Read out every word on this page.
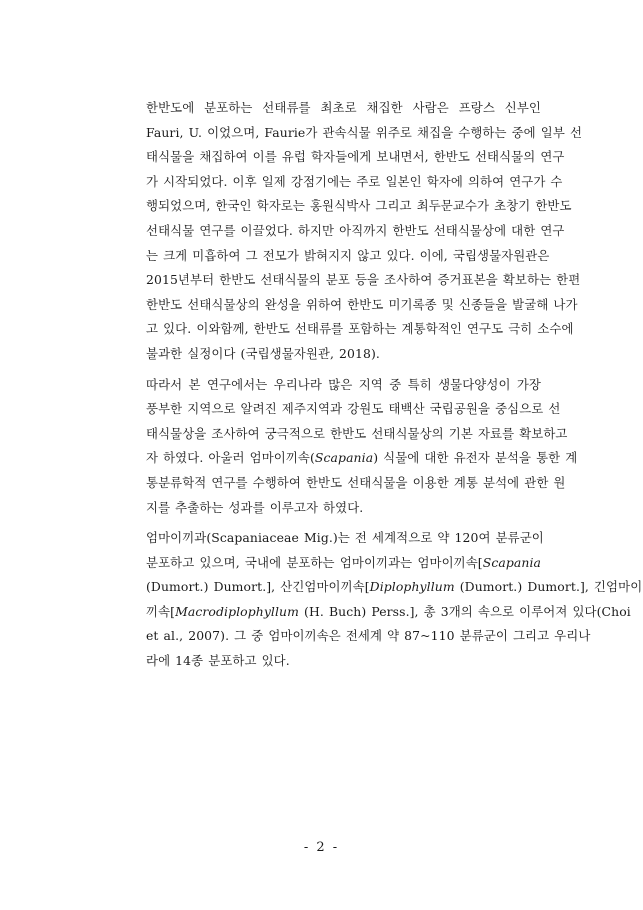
한반도에 분포하는 선태류를 최초로 채집한 사람은 프랑스 신부인
Fauri, U. 이었으며, Faurie가 관속식물 위주로 채집을 수행하는 중에 일부 선
태식물을 채집하여 이를 유럽 학자들에게 보내면서, 한반도 선태식물의 연구
가 시작되었다. 이후 일제 강점기에는 주로 일본인 학자에 의하여 연구가 수
행되었으며, 한국인 학자로는 홍원식박사 그리고 최두문교수가 초창기 한반도
선태식물 연구를 이끌었다. 하지만 아직까지 한반도 선태식물상에 대한 연구
는 크게 미흡하여 그 전모가 밝혀지지 않고 있다. 이에, 국립생물자원관은
2015년부터 한반도 선태식물의 분포 등을 조사하여 증거표본을 확보하는 한편
한반도 선태식물상의 완성을 위하여 한반도 미기록종 및 신종들을 발굴해 나가
고 있다. 이와함께, 한반도 선태류를 포함하는 계통학적인 연구도 극히 소수에
불과한 실정이다 (국립생물자원관, 2018).
따라서 본 연구에서는 우리나라 많은 지역 중 특히 생물다양성이 가장
풍부한 지역으로 알려진 제주지역과 강원도 태백산 국립공원을 중심으로 선
태식물상을 조사하여 궁극적으로 한반도 선태식물상의 기본 자료를 확보하고
자 하였다. 아울러 엄마이끼속(Scapania) 식물에 대한 유전자 분석을 통한 계
통분류학적 연구를 수행하여 한반도 선태식물을 이용한 계통 분석에 관한 원
지를 추출하는 성과를 이루고자 하였다.
엄마이끼과(Scapaniaceae Mig.)는 전 세계적으로 약 120여 분류군이
분포하고 있으며, 국내에 분포하는 엄마이끼과는 엄마이끼속[Scapania
(Dumort.) Dumort.], 산긴엄마이끼속[Diplophyllum (Dumort.) Dumort.], 긴엄마이
끼속[Macrodiplophyllum (H. Buch) Perss.], 총 3개의 속으로 이루어져 있다(Choi
et al., 2007). 그 중 엄마이끼속은 전세계 약 87~110 분류군이 그리고 우리나
라에 14종 분포하고 있다.
- 2 -
